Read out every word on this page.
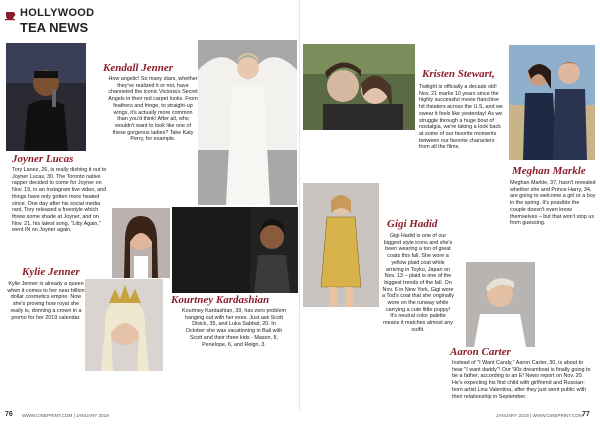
HOLLYWOOD
TEA NEWS
Joyner Lucas
Tory Lanez, 26, is really dishing it out to Joyner Lucas, 30. The Toronto native rapper decided to come for Joyner on Nov. 19, in an Instagram live video, and things have only gotten more heated since. One day after his social media rant, Tory released a freestyle which threw some shade at Joyner, and on Nov. 21, his latest song, "Litty Again," went IN on Joyner again.
Kendall Jenner
How angelic! So many stars, whether they've realized it or not, have channeled the iconic Victoria's Secret Angels in their red carpet looks. From feathers and fringe, to straight-up wings, it's actually more common than you'd think! After all, who wouldn't want to look like one of these gorgeous ladies? Take Katy Perry, for example.
Kristen Stewart,
Twilight is officially a decade old! Nov. 21 marks 10 years since the highly successful movie franchise hit theaters across the U.S. and we swear it feels like yesterday! As we struggle through a huge bout of nostalgia, we're taking a look back at some of our favorite moments between our favorite characters from all the films.
Meghan Markle
Meghan Markle, 37, hasn't revealed whether she and Prince Harry, 34, are going to welcome a girl or a boy in the spring. It's possible the couple doesn't even know themselves – but that won't stop us from guessing.
Kourtney Kardashian
Kourtney Kardashian, 39, has zero problem hanging out with her exes. Just ask Scott Disick, 35, and Luka Sabbat, 20. In October she was vacationing in Bali with Scott and their three kids - Mason, 8, Penelope, 6, and Reign, 3.
Gigi Hadid
Gigi Hadid is one of our biggest style icons and she's been wearing a ton of great coats this fall. She wore a yellow plaid coat while arriving in Toyko, Japan on Nov. 13 – plaid is one of the biggest trends of the fall. On Nov. 6 in New York, Gigi wore a Tod's coat that she originally wore on the runway while carrying a cute little puppy! It's neutral color palette means it matches almost any outfit.
Aaron Carter
Instead of "I Want Candy," Aaron Carter, 30, is about to hear "I want daddy"! Our '90s dreamboat is finally going to be a father, according to an E! News report on Nov. 20. He's expecting his first child with girlfriend and Russian-born artist Lina Valentina, after they just went public with their relationship in September.
Kylie Jenner
Kylie Jenner is already a queen when it comes to her near billion dollar cosmetics empire. Now she's proving how royal she really is, donning a crown in a promo for her 2019 calendar.
76 WWW.CINEPRINT.COM | JANUARY 2019	JANUARY 2019 | WWW.CINEPRINT.COM 77
